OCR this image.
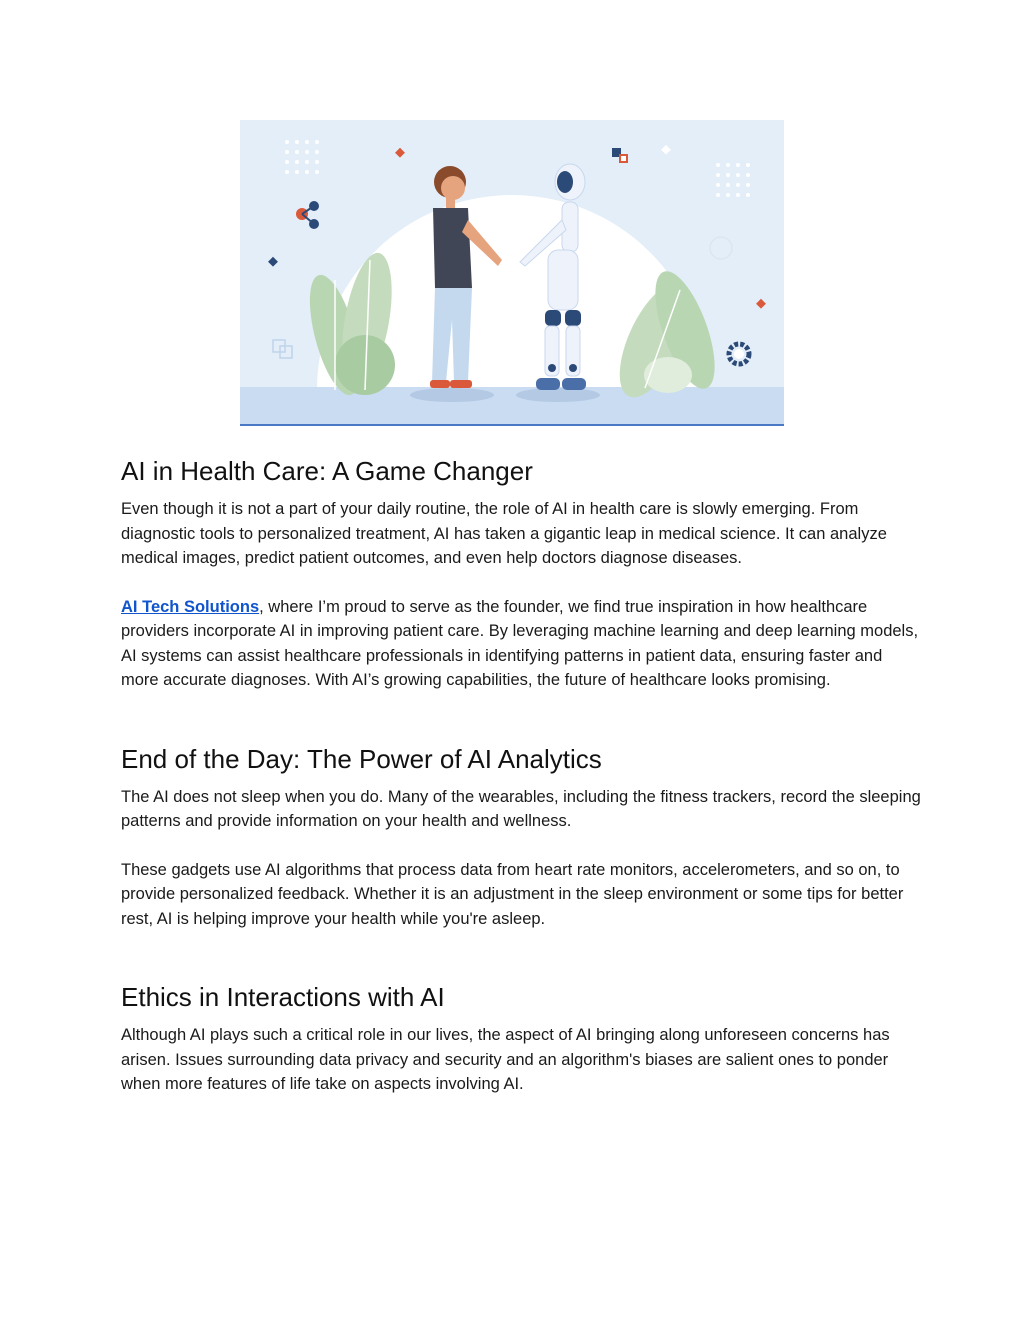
AI in Health Care: A Game Changer

Even though it is not a part of your daily routine, the role of AI in health care is slowly emerging. From diagnostic tools to personalized treatment, AI has taken a gigantic leap in medical science. It can analyze medical images, predict patient outcomes, and even help doctors diagnose diseases.

AI Tech Solutions, where I’m proud to serve as the founder, we find true inspiration in how healthcare providers incorporate AI in improving patient care. By leveraging machine learning and deep learning models, AI systems can assist healthcare professionals in identifying patterns in patient data, ensuring faster and more accurate diagnoses. With AI’s growing capabilities, the future of healthcare looks promising.

End of the Day: The Power of AI Analytics

The AI does not sleep when you do. Many of the wearables, including the fitness trackers, record the sleeping patterns and provide information on your health and wellness.

These gadgets use AI algorithms that process data from heart rate monitors, accelerometers, and so on, to provide personalized feedback. Whether it is an adjustment in the sleep environment or some tips for better rest, AI is helping improve your health while you're asleep.

Ethics in Interactions with AI

Although AI plays such a critical role in our lives, the aspect of AI bringing along unforeseen concerns has arisen. Issues surrounding data privacy and security and an algorithm's biases are salient ones to ponder when more features of life take on aspects involving AI.
